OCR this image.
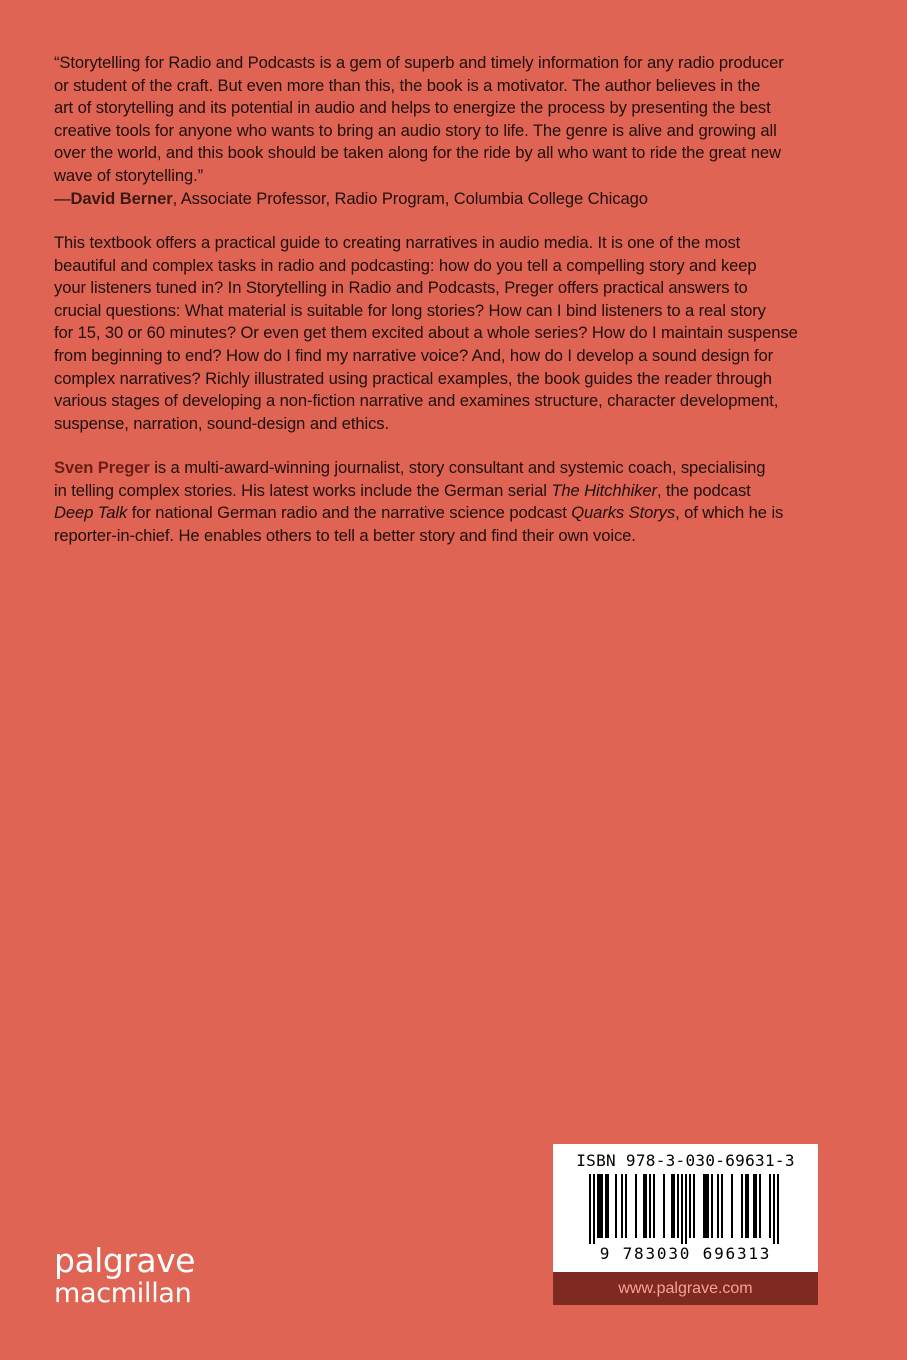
“Storytelling for Radio and Podcasts is a gem of superb and timely information for any radio producer
or student of the craft. But even more than this, the book is a motivator. The author believes in the
art of storytelling and its potential in audio and helps to energize the process by presenting the best
creative tools for anyone who wants to bring an audio story to life. The genre is alive and growing all
over the world, and this book should be taken along for the ride by all who want to ride the great new
wave of storytelling.”

—David Berner, Associate Professor, Radio Program, Columbia College Chicago

This textbook offers a practical guide to creating narratives in audio media. It is one of the most
beautiful and complex tasks in radio and podcasting: how do you tell a compelling story and keep
your listeners tuned in? In Storytelling in Radio and Podcasts, Preger offers practical answers to
crucial questions: What material is suitable for long stories? How can I bind listeners to a real story
for 15, 30 or 60 minutes? Or even get them excited about a whole series? How do I maintain suspense
from beginning to end? How do I find my narrative voice? And, how do I develop a sound design for
complex narratives? Richly illustrated using practical examples, the book guides the reader through
various stages of developing a non-fiction narrative and examines structure, character development,
suspense, narration, sound-design and ethics.

Sven Preger is a multi-award-winning journalist, story consultant and systemic coach, specialising
in telling complex stories. His latest works include the German serial The Hitchhiker, the podcast
Deep Talk for national German radio and the narrative science podcast Quarks Storys, of which he is
reporter-in-chief. He enables others to tell a better story and find their own voice.

palgrave
macmillan
ISBN 978-3-030-69631-3
9 783030 696313
www.palgrave.com
